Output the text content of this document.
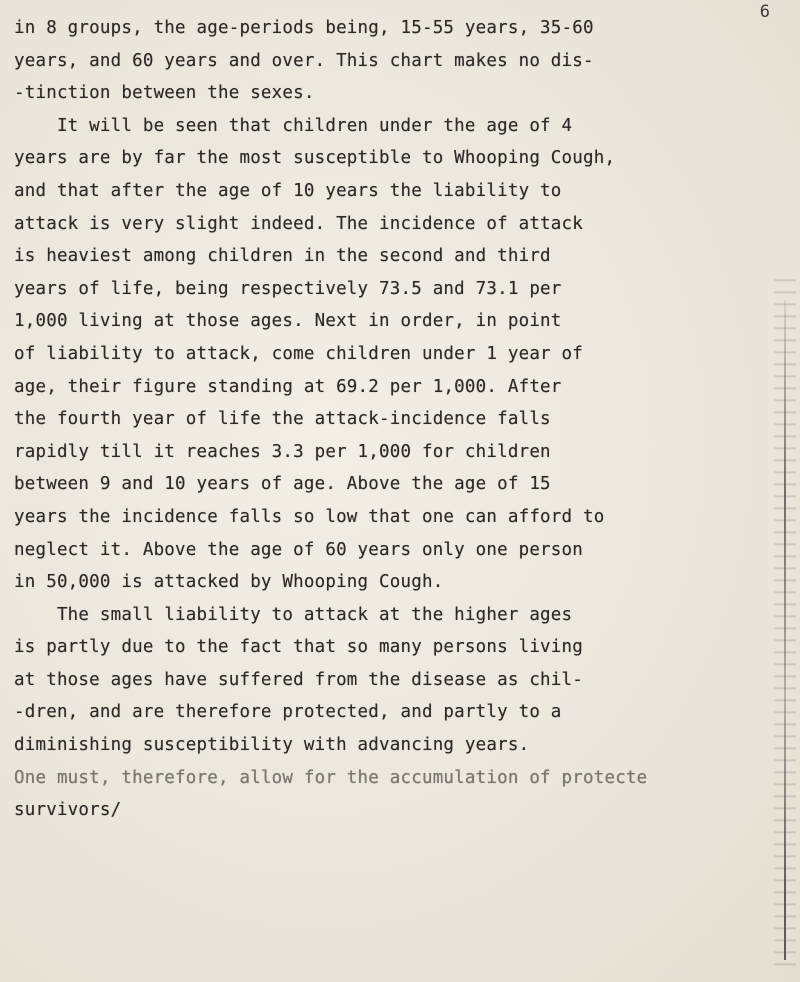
6
in 8 groups, the age-periods being, 15-55 years, 35-60
years, and 60 years and over. This chart makes no dis-
-tinction between the sexes.
It will be seen that children under the age of 4
years are by far the most susceptible to Whooping Cough,
and that after the age of 10 years the liability to
attack is very slight indeed. The incidence of attack
is heaviest among children in the second and third
years of life, being respectively 73.5 and 73.1 per
1,000 living at those ages. Next in order, in point
of liability to attack, come children under 1 year of
age, their figure standing at 69.2 per 1,000. After
the fourth year of life the attack-incidence falls
rapidly till it reaches 3.3 per 1,000 for children
between 9 and 10 years of age. Above the age of 15
years the incidence falls so low that one can afford to
neglect it. Above the age of 60 years only one person
in 50,000 is attacked by Whooping Cough.
The small liability to attack at the higher ages
is partly due to the fact that so many persons living
at those ages have suffered from the disease as chil-
-dren, and are therefore protected, and partly to a
diminishing susceptibility with advancing years.
One must, therefore, allow for the accumulation of protecte
survivors/
